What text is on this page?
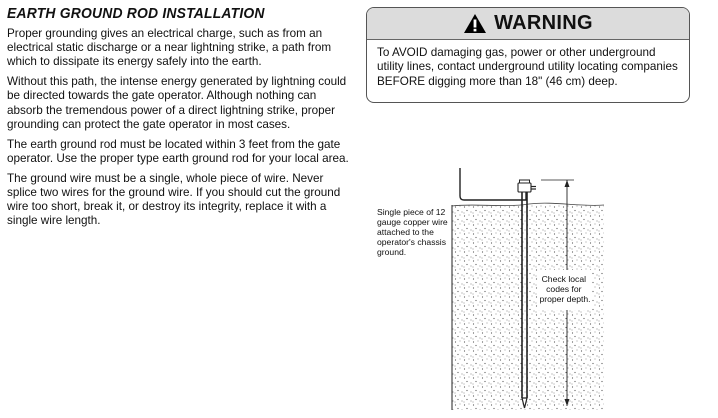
EARTH GROUND ROD INSTALLATION

Proper grounding gives an electrical charge, such as from an electrical static discharge or a near lightning strike, a path from which to dissipate its energy safely into the earth.

Without this path, the intense energy generated by lightning could be directed towards the gate operator. Although nothing can absorb the tremendous power of a direct lightning strike, proper grounding can protect the gate operator in most cases.

The earth ground rod must be located within 3 feet from the gate operator. Use the proper type earth ground rod for your local area.

The ground wire must be a single, whole piece of wire. Never splice two wires for the ground wire. If you should cut the ground wire too short, break it, or destroy its integrity, replace it with a single wire length.

WARNING
To AVOID damaging gas, power or other underground utility lines, contact underground utility locating companies BEFORE digging more than 18" (46 cm) deep.
Single piece of 12 gauge copper wire attached to the operator's chassis ground.
Check local codes for proper depth.
